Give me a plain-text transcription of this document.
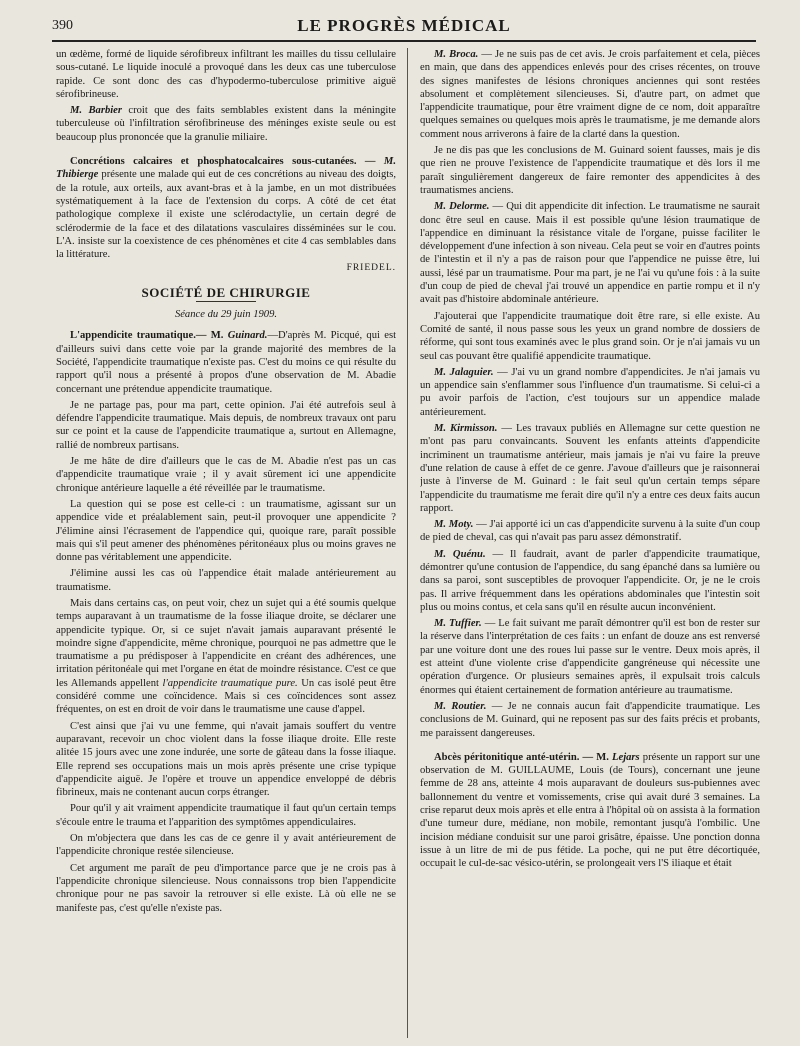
390	LE PROGRÈS MÉDICAL

un œdème, formé de liquide sérofibreux infiltrant les mailles du tissu cellulaire sous-cutané. Le liquide inoculé a provoqué dans les deux cas une tuberculose rapide. Ce sont donc des cas d'hypodermo-tuberculose primitive aiguë sérofibrineuse.

M. Barbier croit que des faits semblables existent dans la méningite tuberculeuse où l'infiltration sérofibrineuse des méninges existe seule ou est beaucoup plus prononcée que la granulie miliaire.

Concrétions calcaires et phosphatocalcaires sous-cutanées. — M. Thibierge présente une malade qui eut de ces concrétions au niveau des doigts, de la rotule, aux orteils, aux avant-bras et à la jambe, en un mot distribuées systématiquement à la face de l'extension du corps. A côté de cet état pathologique complexe il existe une sclérodactylie, un certain degré de sclérodermie de la face et des dilatations vasculaires disséminées sur le cou. L'A. insiste sur la coexistence de ces phénomènes et cite 4 cas semblables dans la littérature.

FRIEDEL.
SOCIÉTÉ DE CHIRURGIE
Séance du 29 juin 1909.

L'appendicite traumatique.— M. Guinard.—D'après M. Picqué, qui est d'ailleurs suivi dans cette voie par la grande majorité des membres de la Société, l'appendicite traumatique n'existe pas. C'est du moins ce qui résulte du rapport qu'il nous a présenté à propos d'une observation de M. Abadie concernant une prétendue appendicite traumatique.

Je ne partage pas, pour ma part, cette opinion. J'ai été autrefois seul à défendre l'appendicite traumatique. Mais depuis, de nombreux travaux ont paru sur ce point et la cause de l'appendicite traumatique a, surtout en Allemagne, rallié de nombreux partisans.

Je me hâte de dire d'ailleurs que le cas de M. Abadie n'est pas un cas d'appendicite traumatique vraie ; il y avait sûrement ici une appendicite chronique antérieure laquelle a été réveillée par le traumatisme.

La question qui se pose est celle-ci : un traumatisme, agissant sur un appendice vide et préalablement sain, peut-il provoquer une appendicite ? J'élimine ainsi l'écrasement de l'appendice qui, quoique rare, paraît possible mais qui s'il peut amener des phénomènes péritonéaux plus ou moins graves ne donne pas véritablement une appendicite.

J'élimine aussi les cas où l'appendice était malade antérieurement au traumatisme.

Mais dans certains cas, on peut voir, chez un sujet qui a été soumis quelque temps auparavant à un traumatisme de la fosse iliaque droite, se déclarer une appendicite typique. Or, si ce sujet n'avait jamais auparavant présenté le moindre signe d'appendicite, même chronique, pourquoi ne pas admettre que le traumatisme a pu prédisposer à l'appendicite en créant des adhérences, une irritation péritonéale qui met l'organe en état de moindre résistance. C'est ce que les Allemands appellent l'appendicite traumatique pure. Un cas isolé peut être considéré comme une coïncidence. Mais si ces coïncidences sont assez fréquentes, on est en droit de voir dans le traumatisme une cause d'appel.

C'est ainsi que j'ai vu une femme, qui n'avait jamais souffert du ventre auparavant, recevoir un choc violent dans la fosse iliaque droite. Elle reste alitée 15 jours avec une zone indurée, une sorte de gâteau dans la fosse iliaque. Elle reprend ses occupations mais un mois après présente une crise typique d'appendicite aiguë. Je l'opère et trouve un appendice enveloppé de débris fibrineux, mais ne contenant aucun corps étranger.

Pour qu'il y ait vraiment appendicite traumatique il faut qu'un certain temps s'écoule entre le trauma et l'apparition des symptômes appendiculaires.

On m'objectera que dans les cas de ce genre il y avait antérieurement de l'appendicite chronique restée silencieuse.

Cet argument me paraît de peu d'importance parce que je ne crois pas à l'appendicite chronique silencieuse. Nous connaissons trop bien l'appendicite chronique pour ne pas savoir la retrouver si elle existe. Là où elle ne se manifeste pas, c'est qu'elle n'existe pas.

M. Broca. — Je ne suis pas de cet avis. Je crois parfaitement et cela, pièces en main, que dans des appendices enlevés pour des crises récentes, on trouve des signes manifestes de lésions chroniques anciennes qui sont restées absolument et complètement silencieuses. Si, d'autre part, on admet que l'appendicite traumatique, pour être vraiment digne de ce nom, doit apparaître quelques semaines ou quelques mois après le traumatisme, je me demande alors comment nous arriverons à faire de la clarté dans la question.

Je ne dis pas que les conclusions de M. Guinard soient fausses, mais je dis que rien ne prouve l'existence de l'appendicite traumatique et dès lors il me paraît singulièrement dangereux de faire remonter des appendicites à des traumatismes anciens.

M. Delorme. — Qui dit appendicite dit infection. Le traumatisme ne saurait donc être seul en cause. Mais il est possible qu'une lésion traumatique de l'appendice en diminuant la résistance vitale de l'organe, puisse faciliter le développement d'une infection à son niveau. Cela peut se voir en d'autres points de l'intestin et il n'y a pas de raison pour que l'appendice ne puisse être, lui aussi, lésé par un traumatisme. Pour ma part, je ne l'ai vu qu'une fois : à la suite d'un coup de pied de cheval j'ai trouvé un appendice en partie rompu et il n'y avait pas d'histoire abdominale antérieure.

J'ajouterai que l'appendicite traumatique doit être rare, si elle existe. Au Comité de santé, il nous passe sous les yeux un grand nombre de dossiers de réforme, qui sont tous examinés avec le plus grand soin. Or je n'ai jamais vu un seul cas pouvant être qualifié appendicite traumatique.

M. Jalaguier. — J'ai vu un grand nombre d'appendicites. Je n'ai jamais vu un appendice sain s'enflammer sous l'influence d'un traumatisme. Si celui-ci a pu avoir parfois de l'action, c'est toujours sur un appendice malade antérieurement.

M. Kirmisson. — Les travaux publiés en Allemagne sur cette question ne m'ont pas paru convaincants. Souvent les enfants atteints d'appendicite incriminent un traumatisme antérieur, mais jamais je n'ai vu faire la preuve d'une relation de cause à effet de ce genre. J'avoue d'ailleurs que je raisonnerai juste à l'inverse de M. Guinard : le fait seul qu'un certain temps sépare l'appendicite du traumatisme me ferait dire qu'il n'y a entre ces deux faits aucun rapport.

M. Moty. — J'ai apporté ici un cas d'appendicite survenu à la suite d'un coup de pied de cheval, cas qui n'avait pas paru assez démonstratif.

M. Quénu. — Il faudrait, avant de parler d'appendicite traumatique, démontrer qu'une contusion de l'appendice, du sang épanché dans sa lumière ou dans sa paroi, sont susceptibles de provoquer l'appendicite. Or, je ne le crois pas. Il arrive fréquemment dans les opérations abdominales que l'intestin soit plus ou moins contus, et cela sans qu'il en résulte aucun inconvénient.

M. Tuffier. — Le fait suivant me paraît démontrer qu'il est bon de rester sur la réserve dans l'interprétation de ces faits : un enfant de douze ans est renversé par une voiture dont une des roues lui passe sur le ventre. Deux mois après, il est atteint d'une violente crise d'appendicite gangréneuse qui nécessite une opération d'urgence. Or plusieurs semaines après, il expulsait trois calculs énormes qui étaient certainement de formation antérieure au traumatisme.

M. Routier. — Je ne connais aucun fait d'appendicite traumatique. Les conclusions de M. Guinard, qui ne reposent pas sur des faits précis et probants, me paraissent dangereuses.

Abcès péritonitique anté-utérin. — M. Lejars présente un rapport sur une observation de M. GUILLAUME, Louis (de Tours), concernant une jeune femme de 28 ans, atteinte 4 mois auparavant de douleurs sus-pubiennes avec ballonnement du ventre et vomissements, crise qui avait duré 3 semaines. La crise reparut deux mois après et elle entra à l'hôpital où on assista à la formation d'une tumeur dure, médiane, non mobile, remontant jusqu'à l'ombilic. Une incision médiane conduisit sur une paroi grisâtre, épaisse. Une ponction donna issue à un litre de mi de pus fétide. La poche, qui ne put être décortiquée, occupait le cul-de-sac vésico-utérin, se prolongeait vers l'S iliaque et était
